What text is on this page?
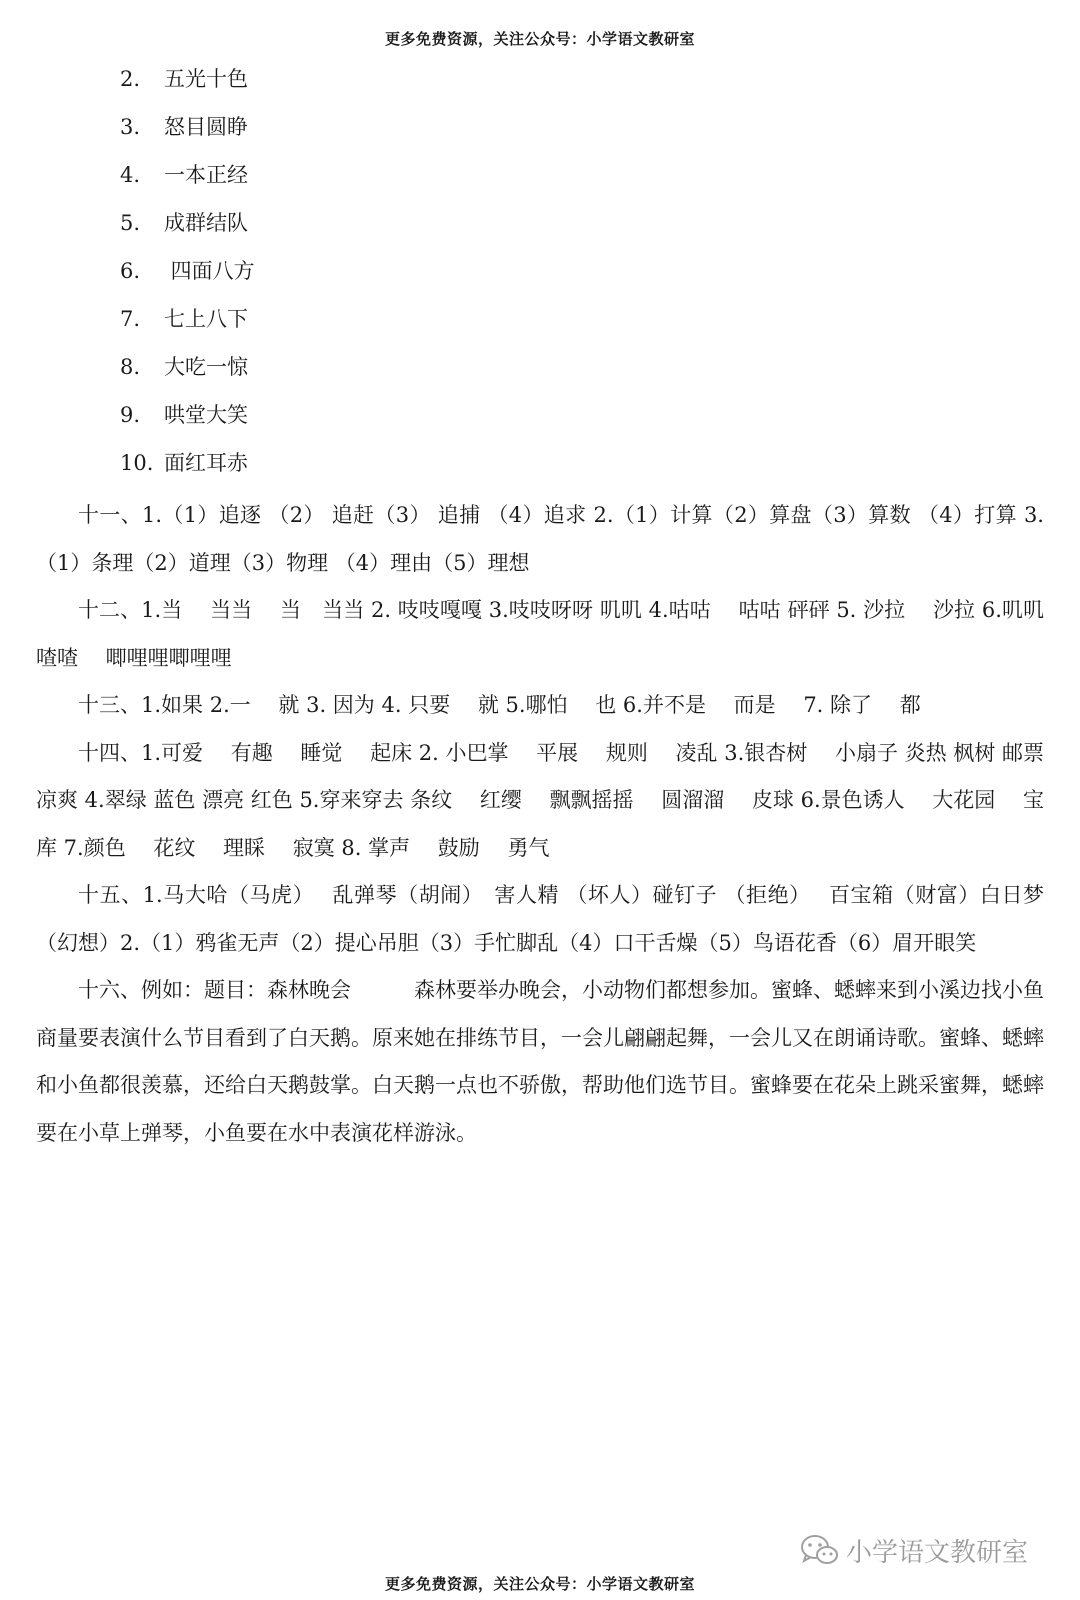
更多免费资源，关注公众号：小学语文教研室
2. 五光十色
3. 怒目圆睁
4. 一本正经
5. 成群结队
6. 四面八方
7. 七上八下
8. 大吃一惊
9. 哄堂大笑
10. 面红耳赤

十一、1.（1）追逐 （2） 追赶（3） 追捕 （4）追求 2.（1）计算（2）算盘（3）算数 （4）打算 3.（1）条理（2）道理（3）物理 （4）理由（5）理想

十二、1.当　 当当　 当　当当 2. 吱吱嘎嘎 3.吱吱呀呀 叽叽 4.咕咕　 咕咕 砰砰 5. 沙拉　 沙拉 6.叽叽喳喳　 唧哩哩唧哩哩

十三、1.如果 2.一　 就 3. 因为 4. 只要　 就 5.哪怕　 也 6.并不是　 而是　 7. 除了　 都

十四、1.可爱　 有趣　 睡觉　 起床 2. 小巴掌　 平展　 规则　 凌乱 3.银杏树　 小扇子 炎热 枫树 邮票 凉爽 4.翠绿 蓝色 漂亮 红色 5.穿来穿去 条纹　 红缨　 飘飘摇摇　 圆溜溜　 皮球 6.景色诱人　 大花园　 宝库 7.颜色　 花纹　 理睬　 寂寞 8. 掌声　 鼓励　 勇气

十五、1.马大哈（马虎）　 乱弹琴（胡闹）　害人精 （坏人）碰钉子 （拒绝）　 百宝箱（财富）白日梦（幻想）2.（1）鸦雀无声（2）提心吊胆（3）手忙脚乱（4）口干舌燥（5）鸟语花香（6）眉开眼笑

十六、例如：题目：森林晚会　　　森林要举办晚会，小动物们都想参加。蜜蜂、蟋蟀来到小溪边找小鱼商量要表演什么节目看到了白天鹅。原来她在排练节目，一会儿翩翩起舞，一会儿又在朗诵诗歌。蜜蜂、蟋蟀和小鱼都很羡慕，还给白天鹅鼓掌。白天鹅一点也不骄傲，帮助他们选节目。蜜蜂要在花朵上跳采蜜舞，蟋蟀要在小草上弹琴，小鱼要在水中表演花样游泳。

小学语文教研室
更多免费资源，关注公众号：小学语文教研室
